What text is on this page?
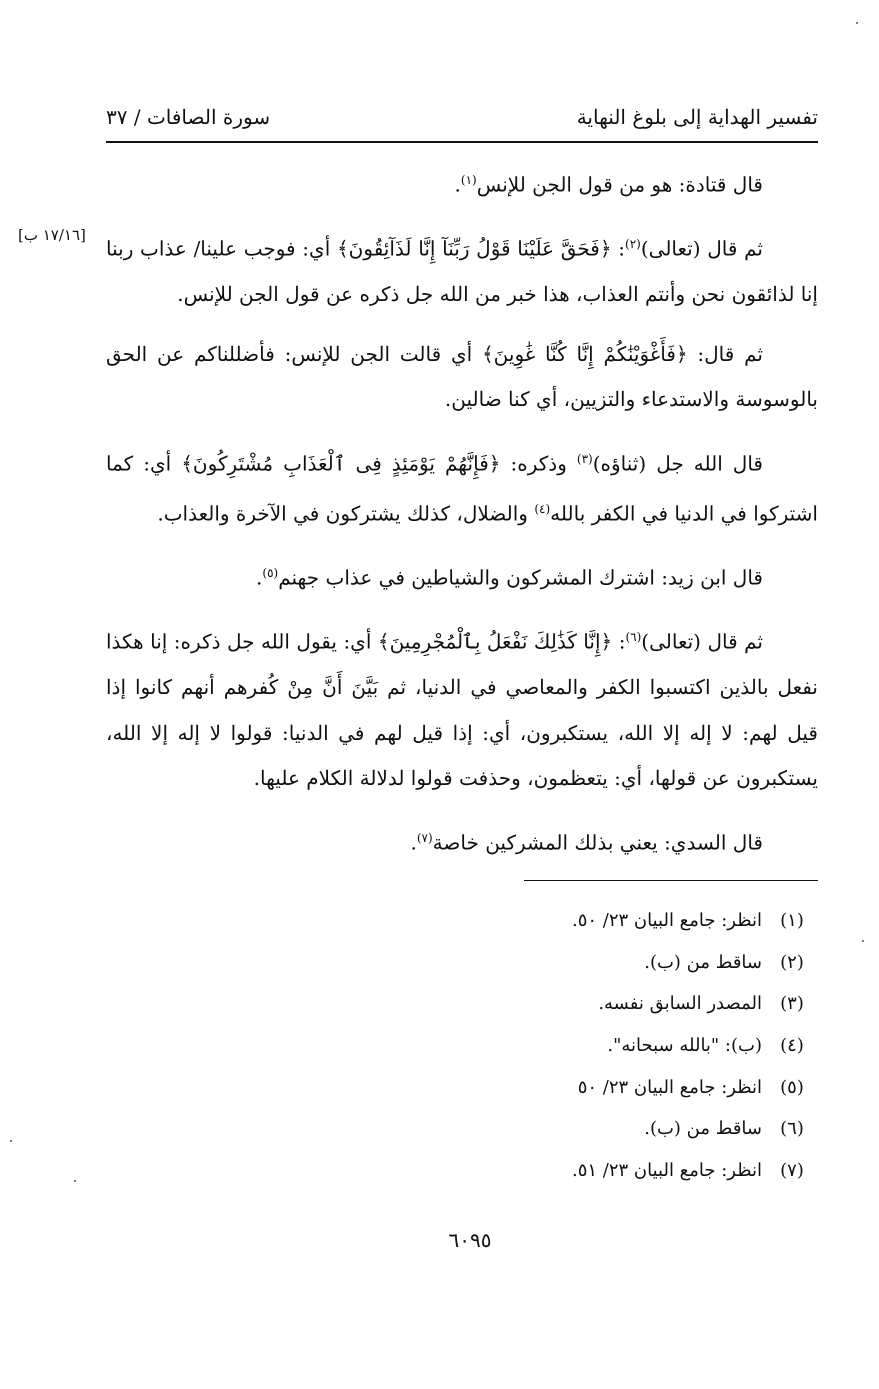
تفسير الهداية إلى بلوغ النهاية
سورة الصافات / ٣٧
[١٧/١٦ ب]

قال قتادة: هو من قول الجن للإنس$^{(١)}$.

ثم قال (تعالى)$^{(٢)}$: ﴿فَحَقَّ عَلَيْنَا قَوْلُ رَبِّنَآ إِنَّا لَذَآئِقُونَ﴾ أي: فوجب علينا/ عذاب ربنا إنا لذائقون نحن وأنتم العذاب، هذا خبر من الله جل ذكره عن قول الجن للإنس.

ثم قال: ﴿فَأَغْوَيْنَٰكُمْ إِنَّا كُنَّا غَٰوِينَ﴾ أي قالت الجن للإنس: فأضللناكم عن الحق بالوسوسة والاستدعاء والتزيين، أي كنا ضالين.

قال الله جل (ثناؤه)$^{(٣)}$ وذكره: ﴿فَإِنَّهُمْ يَوْمَئِذٍ فِى ٱلْعَذَابِ مُشْتَرِكُونَ﴾ أي: كما اشتركوا في الدنيا في الكفر بالله$^{(٤)}$ والضلال، كذلك يشتركون في الآخرة والعذاب.

قال ابن زيد: اشترك المشركون والشياطين في عذاب جهنم$^{(٥)}$.

ثم قال (تعالى)$^{(٦)}$: ﴿إِنَّا كَذَٰلِكَ نَفْعَلُ بِٱلْمُجْرِمِينَ﴾ أي: يقول الله جل ذكره: إنا هكذا نفعل بالذين اكتسبوا الكفر والمعاصي في الدنيا، ثم بَيَّنَ أَنَّ مِنْ كُفرهم أنهم كانوا إذا قيل لهم: لا إله إلا الله، يستكبرون، أي: إذا قيل لهم في الدنيا: قولوا لا إله إلا الله، يستكبرون عن قولها، أي: يتعظمون، وحذفت قولوا لدلالة الكلام عليها.

قال السدي: يعني بذلك المشركين خاصة$^{(٧)}$.

(١)
انظر: جامع البيان ٢٣/ ٥٠.
(٢)
ساقط من (ب).
(٣)
المصدر السابق نفسه.
(٤)
(ب): "بالله سبحانه".
(٥)
انظر: جامع البيان ٢٣/ ٥٠
(٦)
ساقط من (ب).
(٧)
انظر: جامع البيان ٢٣/ ٥١.
٦٠٩٥
